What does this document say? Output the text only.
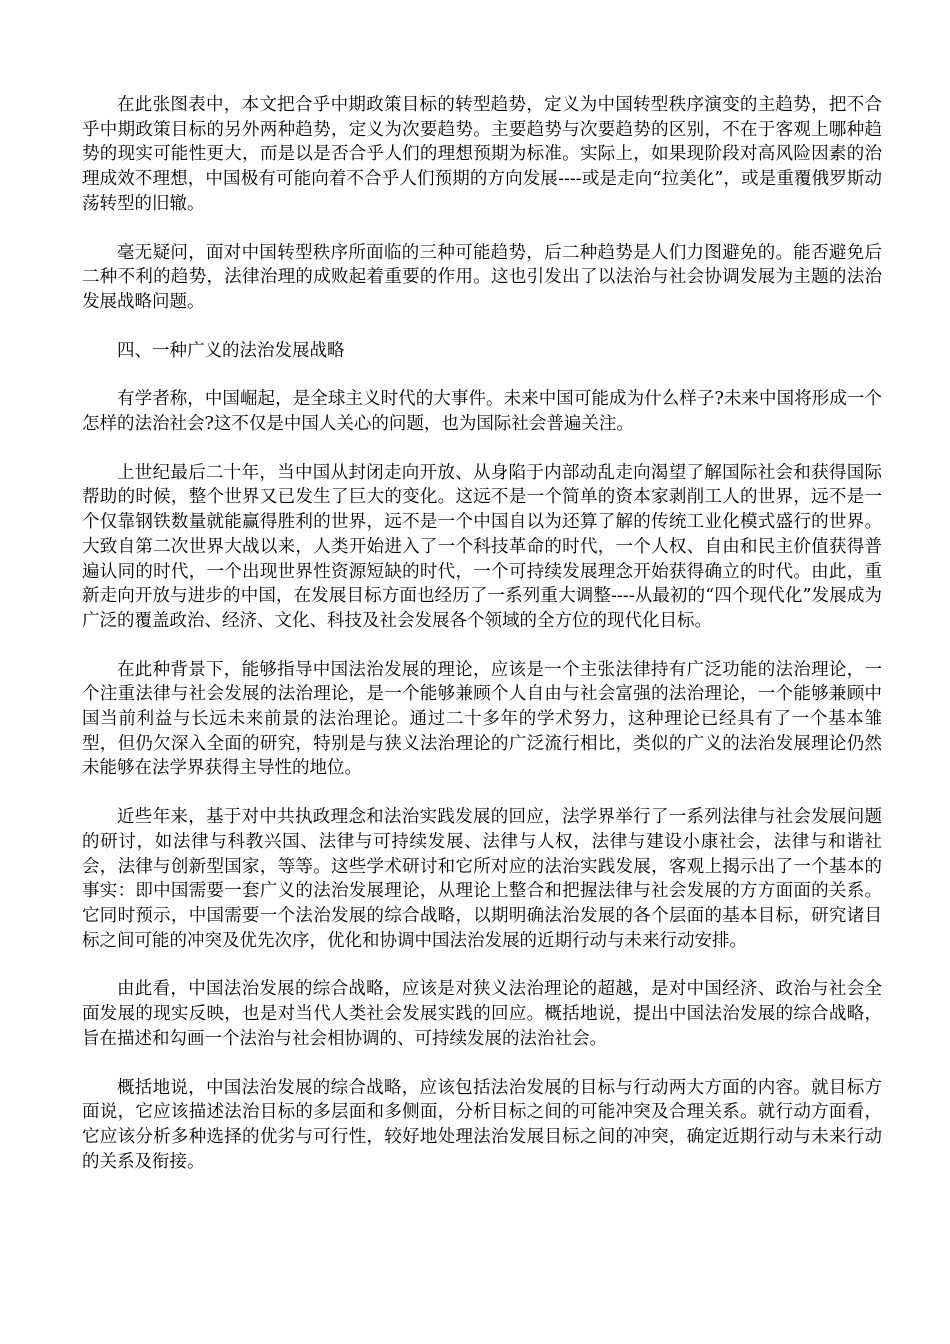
在此张图表中，本文把合乎中期政策目标的转型趋势，定义为中国转型秩序演变的主趋势，把不合乎中期政策目标的另外两种趋势，定义为次要趋势。主要趋势与次要趋势的区别，不在于客观上哪种趋势的现实可能性更大，而是以是否合乎人们的理想预期为标准。实际上，如果现阶段对高风险因素的治理成效不理想，中国极有可能向着不合乎人们预期的方向发展----或是走向“拉美化”，或是重覆俄罗斯动荡转型的旧辙。

毫无疑问，面对中国转型秩序所面临的三种可能趋势，后二种趋势是人们力图避免的。能否避免后二种不利的趋势，法律治理的成败起着重要的作用。这也引发出了以法治与社会协调发展为主题的法治发展战略问题。

四、一种广义的法治发展战略

有学者称，中国崛起，是全球主义时代的大事件。未来中国可能成为什么样子?未来中国将形成一个怎样的法治社会?这不仅是中国人关心的问题，也为国际社会普遍关注。

上世纪最后二十年，当中国从封闭走向开放、从身陷于内部动乱走向渴望了解国际社会和获得国际帮助的时候，整个世界又已发生了巨大的变化。这远不是一个简单的资本家剥削工人的世界，远不是一个仅靠钢铁数量就能赢得胜利的世界，远不是一个中国自以为还算了解的传统工业化模式盛行的世界。大致自第二次世界大战以来，人类开始进入了一个科技革命的时代，一个人权、自由和民主价值获得普遍认同的时代，一个出现世界性资源短缺的时代，一个可持续发展理念开始获得确立的时代。由此，重新走向开放与进步的中国，在发展目标方面也经历了一系列重大调整----从最初的“四个现代化”发展成为广泛的覆盖政治、经济、文化、科技及社会发展各个领域的全方位的现代化目标。

在此种背景下，能够指导中国法治发展的理论，应该是一个主张法律持有广泛功能的法治理论，一个注重法律与社会发展的法治理论，是一个能够兼顾个人自由与社会富强的法治理论，一个能够兼顾中国当前利益与长远未来前景的法治理论。通过二十多年的学术努力，这种理论已经具有了一个基本雏型，但仍欠深入全面的研究，特别是与狭义法治理论的广泛流行相比，类似的广义的法治发展理论仍然未能够在法学界获得主导性的地位。

近些年来，基于对中共执政理念和法治实践发展的回应，法学界举行了一系列法律与社会发展问题的研讨，如法律与科教兴国、法律与可持续发展、法律与人权，法律与建设小康社会，法律与和谐社会，法律与创新型国家，等等。这些学术研讨和它所对应的法治实践发展，客观上揭示出了一个基本的事实：即中国需要一套广义的法治发展理论，从理论上整合和把握法律与社会发展的方方面面的关系。它同时预示，中国需要一个法治发展的综合战略，以期明确法治发展的各个层面的基本目标，研究诸目标之间可能的冲突及优先次序，优化和协调中国法治发展的近期行动与未来行动安排。

由此看，中国法治发展的综合战略，应该是对狭义法治理论的超越，是对中国经济、政治与社会全面发展的现实反映，也是对当代人类社会发展实践的回应。概括地说，提出中国法治发展的综合战略，旨在描述和勾画一个法治与社会相协调的、可持续发展的法治社会。

概括地说，中国法治发展的综合战略，应该包括法治发展的目标与行动两大方面的内容。就目标方面说，它应该描述法治目标的多层面和多侧面，分析目标之间的可能冲突及合理关系。就行动方面看，它应该分析多种选择的优劣与可行性，较好地处理法治发展目标之间的冲突，确定近期行动与未来行动的关系及衔接。
